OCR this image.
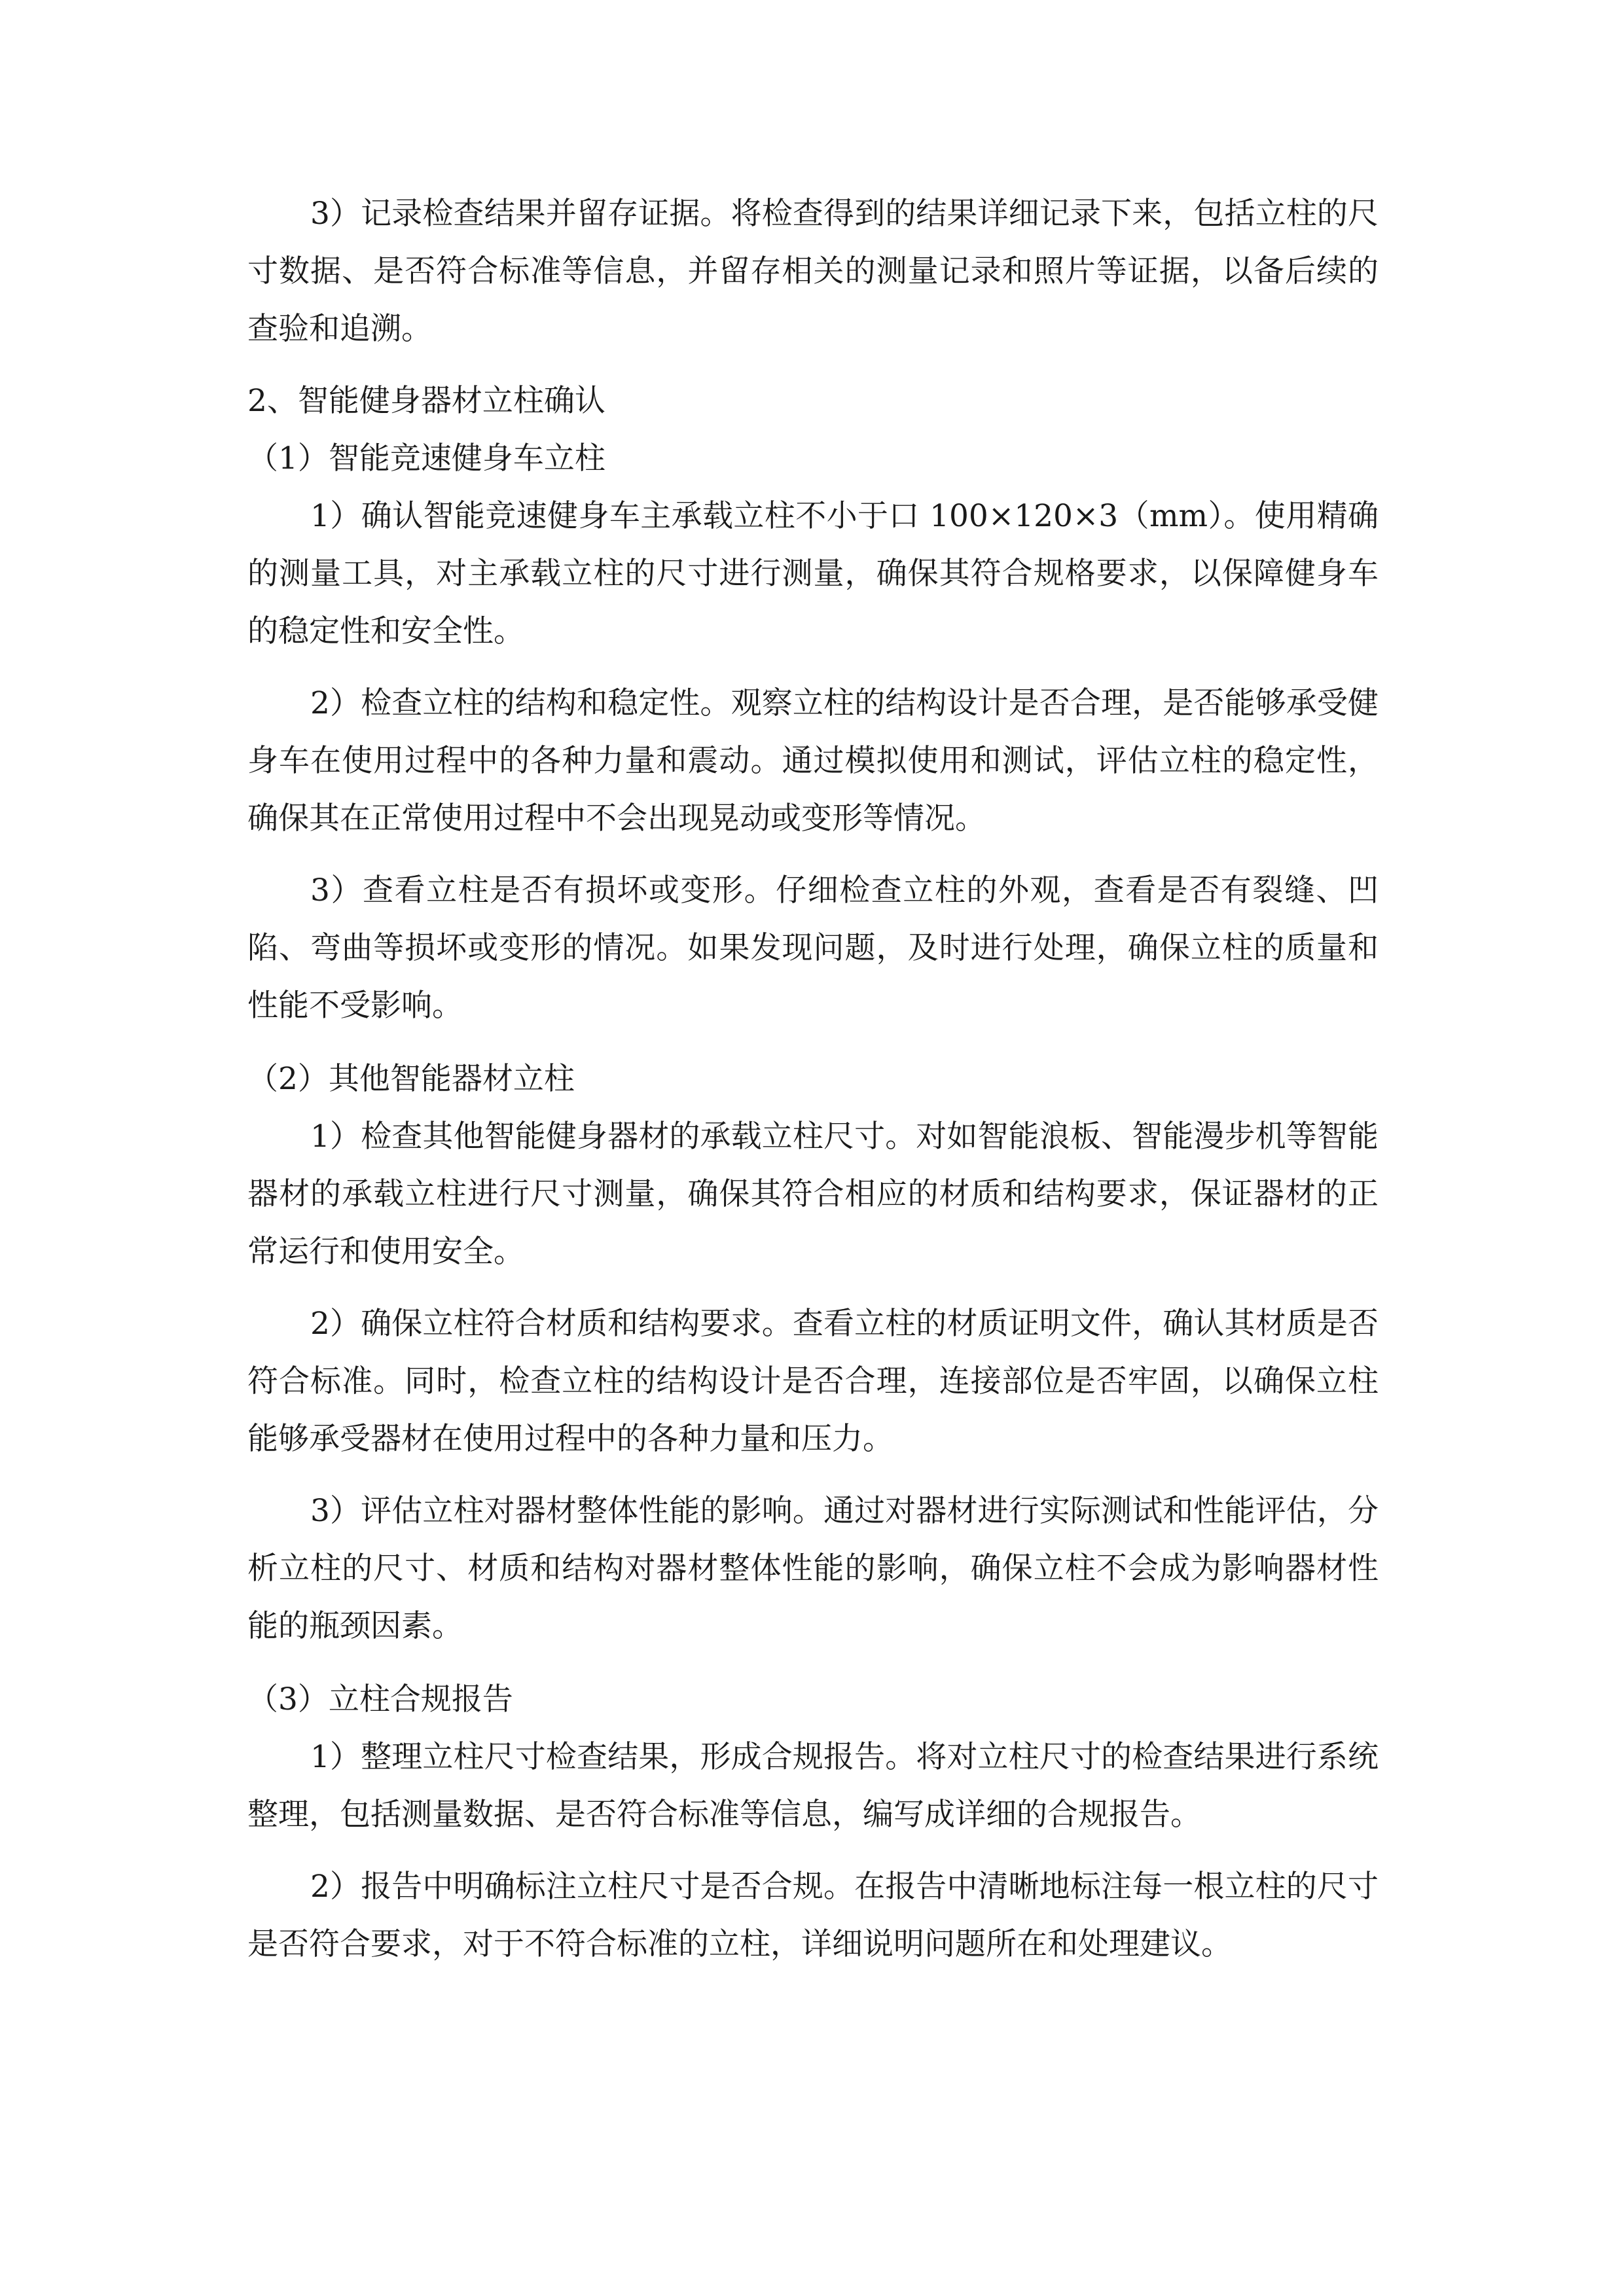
3）记录检查结果并留存证据。将检查得到的结果详细记录下来，包括立柱的尺寸数据、是否符合标准等信息，并留存相关的测量记录和照片等证据，以备后续的查验和追溯。

2、智能健身器材立柱确认

（1）智能竞速健身车立柱

1）确认智能竞速健身车主承载立柱不小于口 100×120×3（mm）。使用精确的测量工具，对主承载立柱的尺寸进行测量，确保其符合规格要求，以保障健身车的稳定性和安全性。

2）检查立柱的结构和稳定性。观察立柱的结构设计是否合理，是否能够承受健身车在使用过程中的各种力量和震动。通过模拟使用和测试，评估立柱的稳定性，确保其在正常使用过程中不会出现晃动或变形等情况。

3）查看立柱是否有损坏或变形。仔细检查立柱的外观，查看是否有裂缝、凹陷、弯曲等损坏或变形的情况。如果发现问题，及时进行处理，确保立柱的质量和性能不受影响。

（2）其他智能器材立柱

1）检查其他智能健身器材的承载立柱尺寸。对如智能浪板、智能漫步机等智能器材的承载立柱进行尺寸测量，确保其符合相应的材质和结构要求，保证器材的正常运行和使用安全。

2）确保立柱符合材质和结构要求。查看立柱的材质证明文件，确认其材质是否符合标准。同时，检查立柱的结构设计是否合理，连接部位是否牢固，以确保立柱能够承受器材在使用过程中的各种力量和压力。

3）评估立柱对器材整体性能的影响。通过对器材进行实际测试和性能评估，分析立柱的尺寸、材质和结构对器材整体性能的影响，确保立柱不会成为影响器材性能的瓶颈因素。

（3）立柱合规报告

1）整理立柱尺寸检查结果，形成合规报告。将对立柱尺寸的检查结果进行系统整理，包括测量数据、是否符合标准等信息，编写成详细的合规报告。

2）报告中明确标注立柱尺寸是否合规。在报告中清晰地标注每一根立柱的尺寸是否符合要求，对于不符合标准的立柱，详细说明问题所在和处理建议。
